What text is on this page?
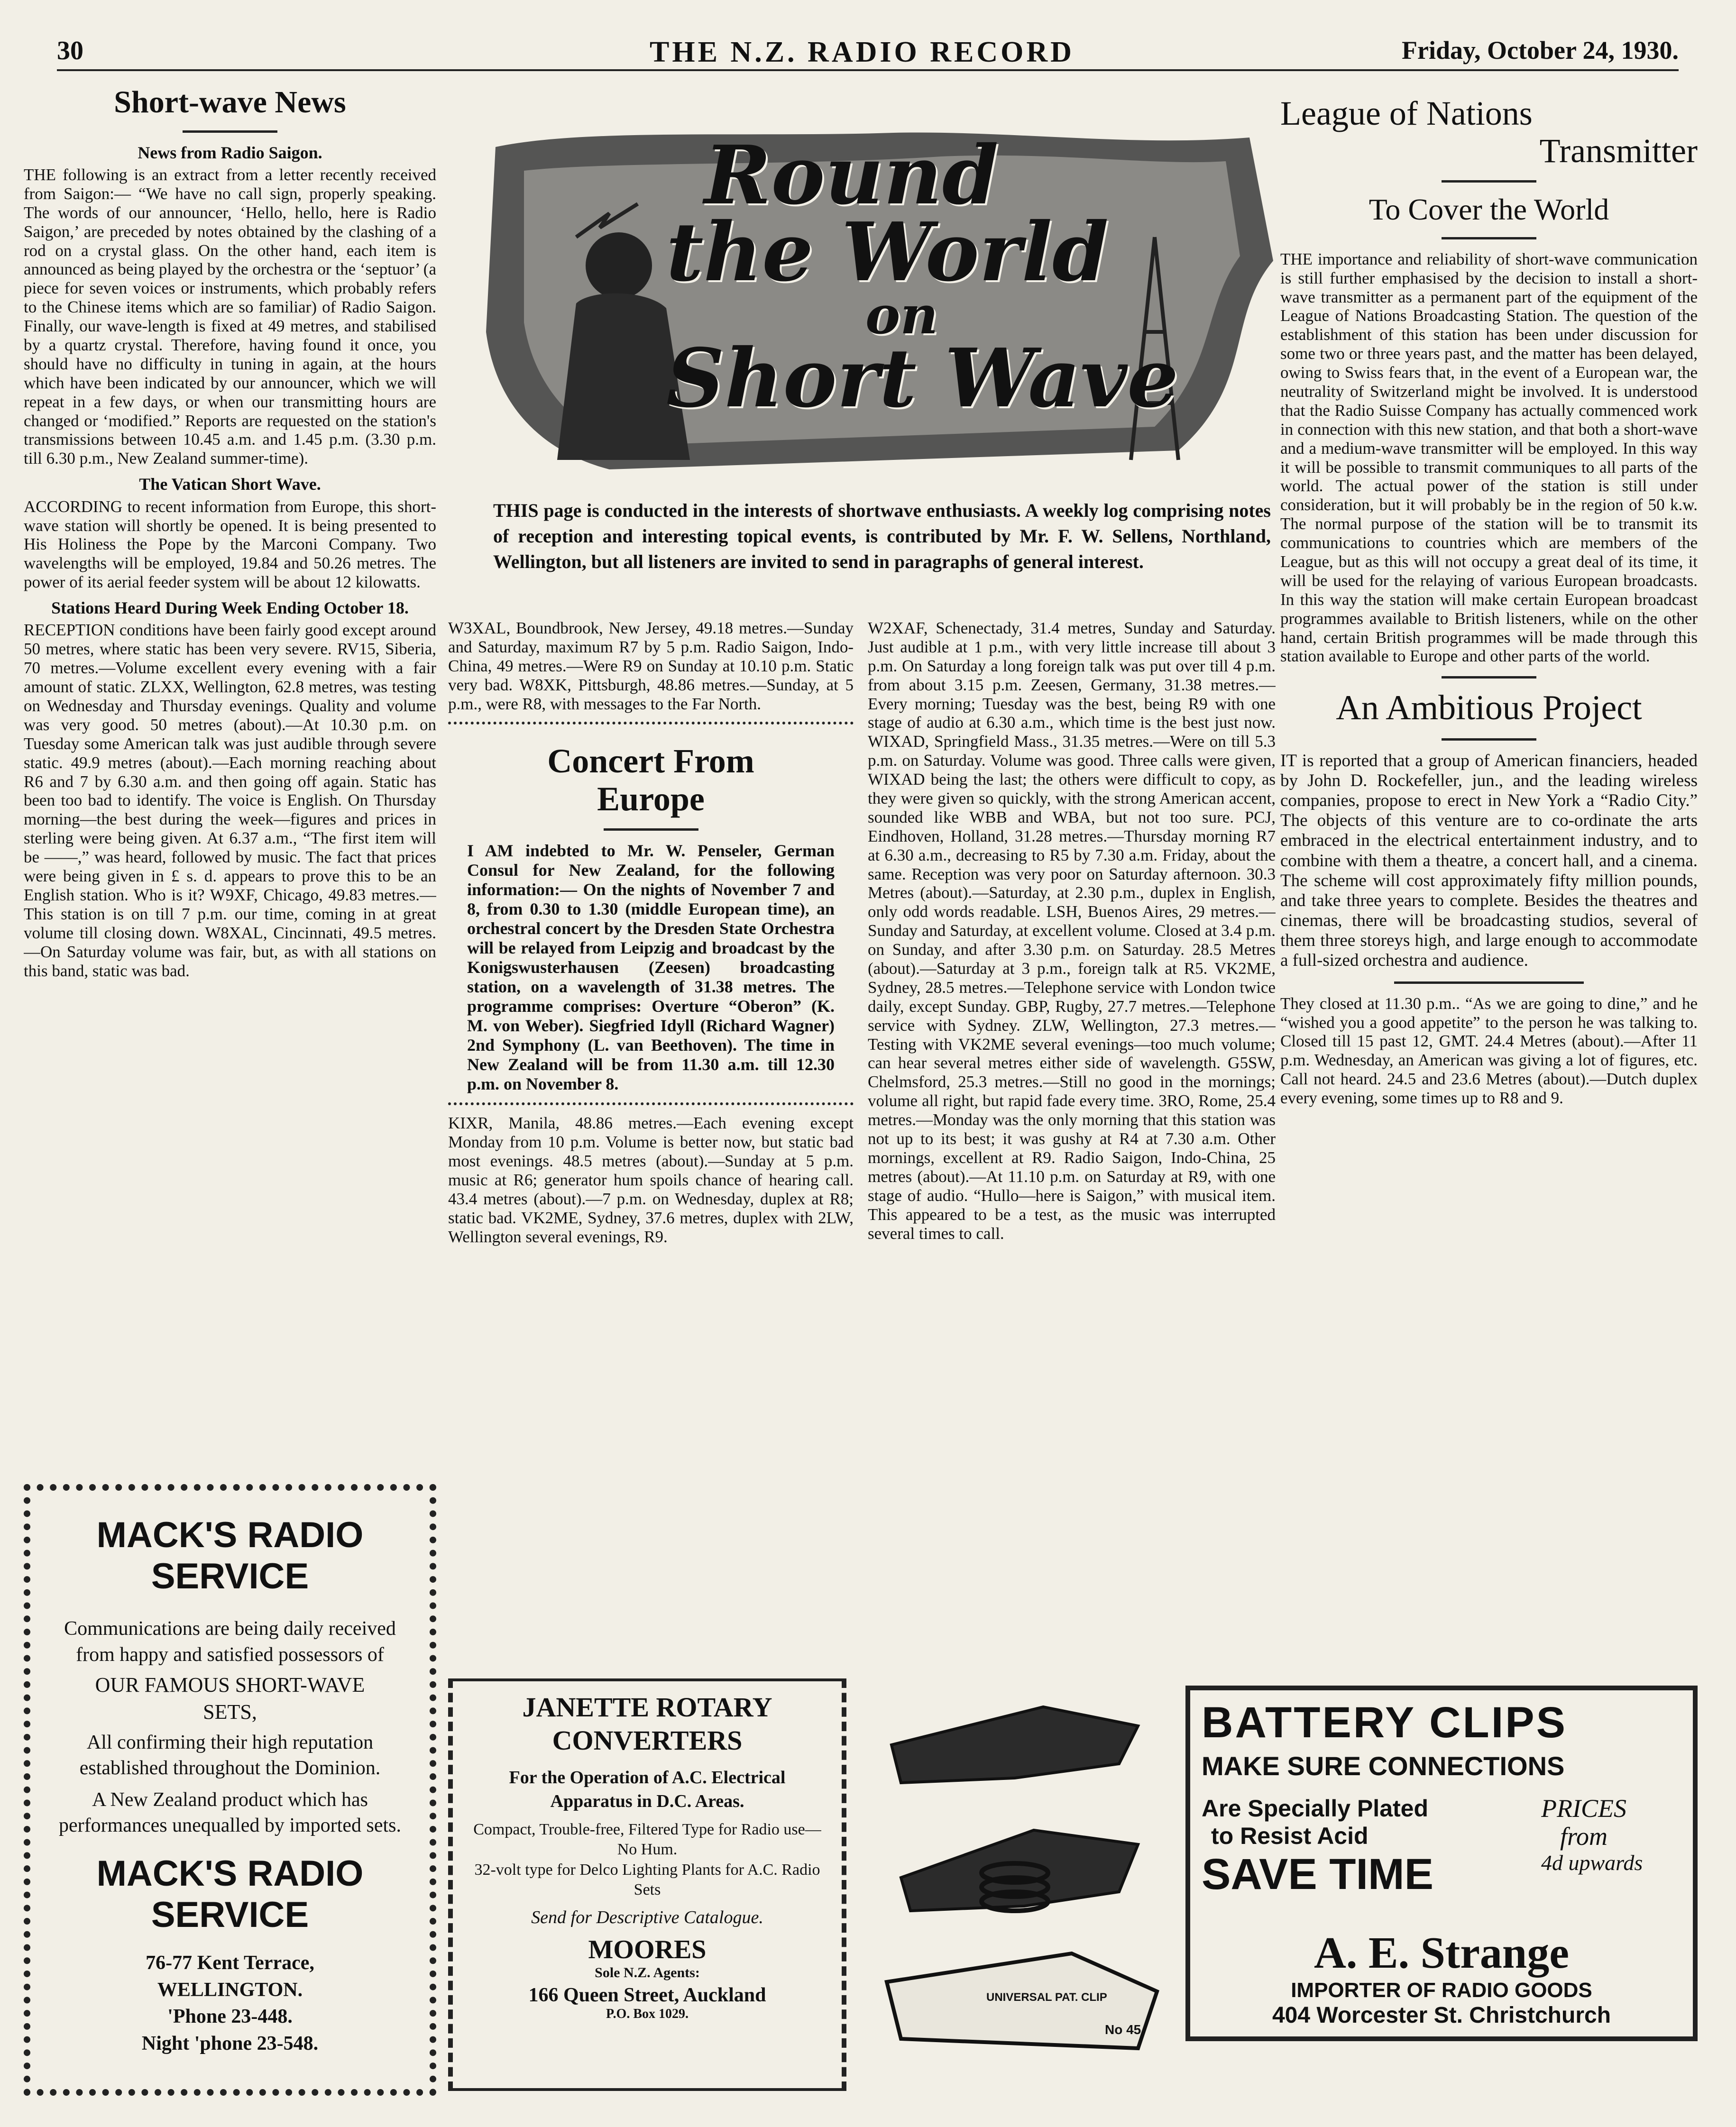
30	THE N.Z. RADIO RECORD	Friday, October 24, 1930.
Short-wave News
News from Radio Saigon.

THE following is an extract from a letter recently received from Saigon:— “We have no call sign, properly speaking. The words of our announcer, ‘Hello, hello, here is Radio Saigon,’ are preceded by notes obtained by the clashing of a rod on a crystal glass. On the other hand, each item is announced as being played by the orchestra or the ‘septuor’ (a piece for seven voices or instruments, which probably refers to the Chinese items which are so familiar) of Radio Saigon. Finally, our wave-length is fixed at 49 metres, and stabilised by a quartz crystal. Therefore, having found it once, you should have no difficulty in tuning in again, at the hours which have been indicated by our announcer, which we will repeat in a few days, or when our transmitting hours are changed or ‘modified.” Reports are requested on the station's transmissions between 10.45 a.m. and 1.45 p.m. (3.30 p.m. till 6.30 p.m., New Zealand summer-time).

The Vatican Short Wave.

ACCORDING to recent information from Europe, this short-wave station will shortly be opened. It is being presented to His Holiness the Pope by the Marconi Company. Two wavelengths will be employed, 19.84 and 50.26 metres. The power of its aerial feeder system will be about 12 kilowatts.

Stations Heard During Week Ending October 18.

RECEPTION conditions have been fairly good except around 50 metres, where static has been very severe. RV15, Siberia, 70 metres.—Volume excellent every evening with a fair amount of static. ZLXX, Wellington, 62.8 metres, was testing on Wednesday and Thursday evenings. Quality and volume was very good. 50 metres (about).—At 10.30 p.m. on Tuesday some American talk was just audible through severe static. 49.9 metres (about).—Each morning reaching about R6 and 7 by 6.30 a.m. and then going off again. Static has been too bad to identify. The voice is English. On Thursday morning—the best during the week—figures and prices in sterling were being given. At 6.37 a.m., “The first item will be ——,” was heard, followed by music. The fact that prices were being given in £ s. d. appears to prove this to be an English station. Who is it? W9XF, Chicago, 49.83 metres.—This station is on till 7 p.m. our time, coming in at great volume till closing down. W8XAL, Cincinnati, 49.5 metres.—On Saturday volume was fair, but, as with all stations on this band, static was bad.

Round
the World
on
Short Wave

THIS page is conducted in the interests of shortwave enthusiasts. A weekly log comprising notes of reception and interesting topical events, is contributed by Mr. F. W. Sellens, Northland, Wellington, but all listeners are invited to send in paragraphs of general interest.

W3XAL, Boundbrook, New Jersey, 49.18 metres.—Sunday and Saturday, maximum R7 by 5 p.m. Radio Saigon, Indo-China, 49 metres.—Were R9 on Sunday at 10.10 p.m. Static very bad. W8XK, Pittsburgh, 48.86 metres.—Sunday, at 5 p.m., were R8, with messages to the Far North.

Concert From Europe

I AM indebted to Mr. W. Penseler, German Consul for New Zealand, for the following information:— On the nights of November 7 and 8, from 0.30 to 1.30 (middle European time), an orchestral concert by the Dresden State Orchestra will be relayed from Leipzig and broadcast by the Konigswusterhausen (Zeesen) broadcasting station, on a wavelength of 31.38 metres. The programme comprises: Overture “Oberon” (K. M. von Weber). Siegfried Idyll (Richard Wagner) 2nd Symphony (L. van Beethoven). The time in New Zealand will be from 11.30 a.m. till 12.30 p.m. on November 8.

KIXR, Manila, 48.86 metres.—Each evening except Monday from 10 p.m. Volume is better now, but static bad most evenings. 48.5 metres (about).—Sunday at 5 p.m. music at R6; generator hum spoils chance of hearing call. 43.4 metres (about).—7 p.m. on Wednesday, duplex at R8; static bad. VK2ME, Sydney, 37.6 metres, duplex with 2LW, Wellington several evenings, R9.

W2XAF, Schenectady, 31.4 metres, Sunday and Saturday. Just audible at 1 p.m., with very little increase till about 3 p.m. On Saturday a long foreign talk was put over till 4 p.m. from about 3.15 p.m. Zeesen, Germany, 31.38 metres.—Every morning; Tuesday was the best, being R9 with one stage of audio at 6.30 a.m., which time is the best just now. WIXAD, Springfield Mass., 31.35 metres.—Were on till 5.3 p.m. on Saturday. Volume was good. Three calls were given, WIXAD being the last; the others were difficult to copy, as they were given so quickly, with the strong American accent, sounded like WBB and WBA, but not too sure. PCJ, Eindhoven, Holland, 31.28 metres.—Thursday morning R7 at 6.30 a.m., decreasing to R5 by 7.30 a.m. Friday, about the same. Reception was very poor on Saturday afternoon. 30.3 Metres (about).—Saturday, at 2.30 p.m., duplex in English, only odd words readable. LSH, Buenos Aires, 29 metres.—Sunday and Saturday, at excellent volume. Closed at 3.4 p.m. on Sunday, and after 3.30 p.m. on Saturday. 28.5 Metres (about).—Saturday at 3 p.m., foreign talk at R5. VK2ME, Sydney, 28.5 metres.—Telephone service with London twice daily, except Sunday. GBP, Rugby, 27.7 metres.—Telephone service with Sydney. ZLW, Wellington, 27.3 metres.—Testing with VK2ME several evenings—too much volume; can hear several metres either side of wavelength. G5SW, Chelmsford, 25.3 metres.—Still no good in the mornings; volume all right, but rapid fade every time. 3RO, Rome, 25.4 metres.—Monday was the only morning that this station was not up to its best; it was gushy at R4 at 7.30 a.m. Other mornings, excellent at R9. Radio Saigon, Indo-China, 25 metres (about).—At 11.10 p.m. on Saturday at R9, with one stage of audio. “Hullo—here is Saigon,” with musical item. This appeared to be a test, as the music was interrupted several times to call.

League of Nations
Transmitter
To Cover the World

THE importance and reliability of short-wave communication is still further emphasised by the decision to install a short-wave transmitter as a permanent part of the equipment of the League of Nations Broadcasting Station. The question of the establishment of this station has been under discussion for some two or three years past, and the matter has been delayed, owing to Swiss fears that, in the event of a European war, the neutrality of Switzerland might be involved. It is understood that the Radio Suisse Company has actually commenced work in connection with this new station, and that both a short-wave and a medium-wave transmitter will be employed. In this way it will be possible to transmit communiques to all parts of the world. The actual power of the station is still under consideration, but it will probably be in the region of 50 k.w. The normal purpose of the station will be to transmit its communications to countries which are members of the League, but as this will not occupy a great deal of its time, it will be used for the relaying of various European broadcasts. In this way the station will make certain European broadcast programmes available to British listeners, while on the other hand, certain British programmes will be made through this station available to Europe and other parts of the world.

An Ambitious Project

IT is reported that a group of American financiers, headed by John D. Rockefeller, jun., and the leading wireless companies, propose to erect in New York a “Radio City.” The objects of this venture are to co-ordinate the arts embraced in the electrical entertainment industry, and to combine with them a theatre, a concert hall, and a cinema. The scheme will cost approximately fifty million pounds, and take three years to complete. Besides the theatres and cinemas, there will be broadcasting studios, several of them three storeys high, and large enough to accommodate a full-sized orchestra and audience.

They closed at 11.30 p.m.. “As we are going to dine,” and he “wished you a good appetite” to the person he was talking to. Closed till 15 past 12, GMT. 24.4 Metres (about).—After 11 p.m. Wednesday, an American was giving a lot of figures, etc. Call not heard. 24.5 and 23.6 Metres (about).—Dutch duplex every evening, some times up to R8 and 9.

MACK'S RADIO SERVICE
Communications are being daily received from happy and satisfied possessors of
OUR FAMOUS SHORT-WAVE SETS,
All confirming their high reputation established throughout the Dominion.
A New Zealand product which has performances unequalled by imported sets.
MACK'S RADIO SERVICE
76-77 Kent Terrace,
WELLINGTON.
'Phone 23-448.
Night 'phone 23-548.
JANETTE ROTARY CONVERTERS
For the Operation of A.C. Electrical Apparatus in D.C. Areas.
Compact, Trouble-free, Filtered Type for Radio use—No Hum.
32-volt type for Delco Lighting Plants for A.C. Radio Sets
Send for Descriptive Catalogue.
MOORES
Sole N.Z. Agents:
166 Queen Street, Auckland
P.O. Box 1029.
UNIVERSAL PAT. CLIP
No 45
BATTERY CLIPS
MAKE SURE CONNECTIONS
Are Specially Plated
to Resist Acid
SAVE TIME
PRICES
from
4d upwards
A. E. Strange
IMPORTER OF RADIO GOODS
404 Worcester St. Christchurch
